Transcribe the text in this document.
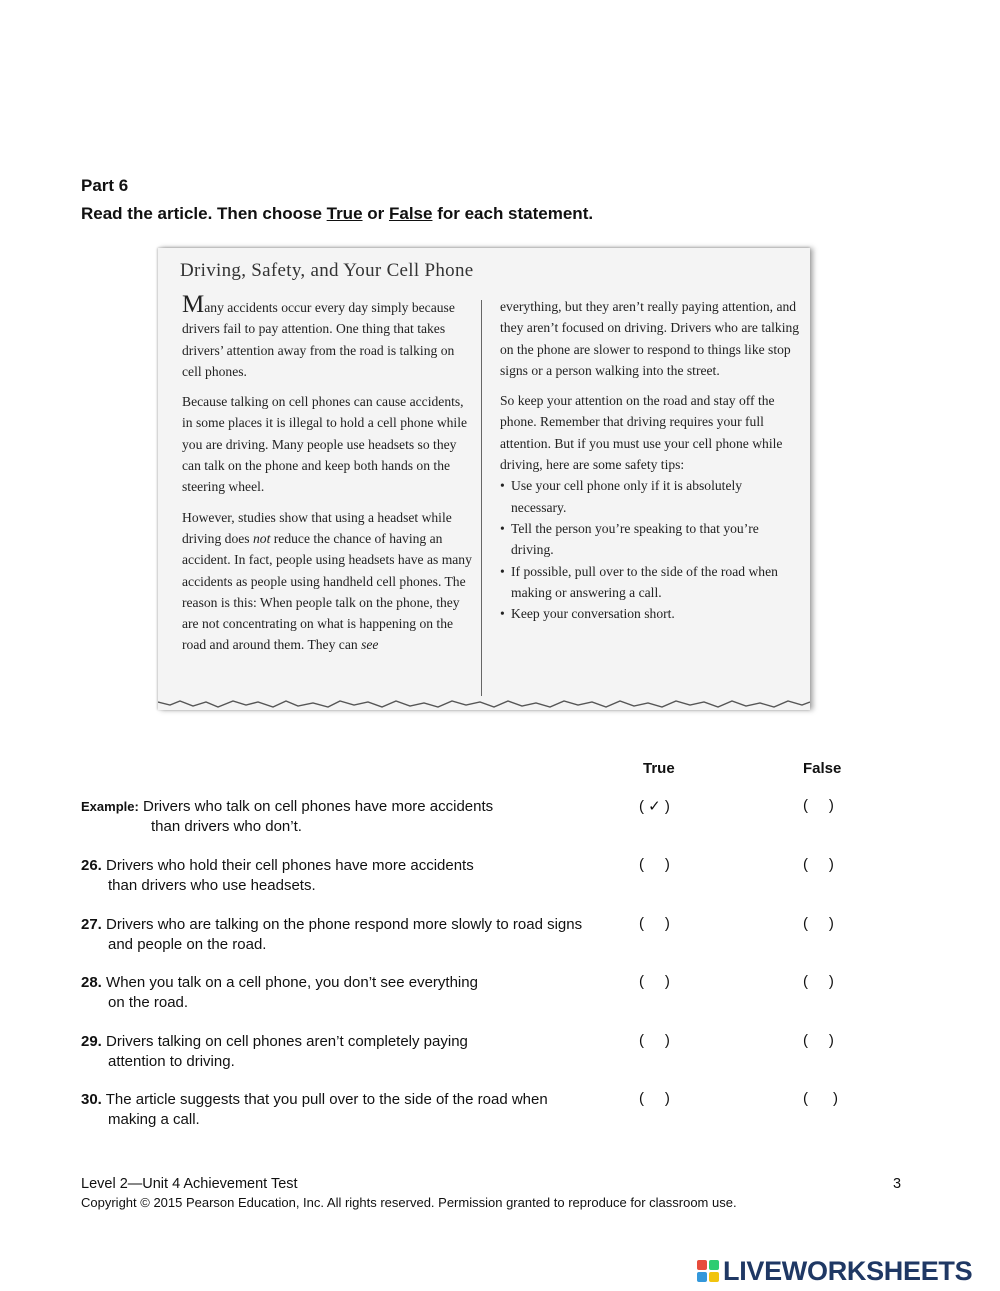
Part 6
Read the article. Then choose True or False for each statement.
Driving, Safety, and Your Cell Phone

Many accidents occur every day simply because drivers fail to pay attention. One thing that takes drivers’ attention away from the road is talking on cell phones.

Because talking on cell phones can cause accidents, in some places it is illegal to hold a cell phone while you are driving. Many people use headsets so they can talk on the phone and keep both hands on the steering wheel.

However, studies show that using a headset while driving does not reduce the chance of having an accident. In fact, people using headsets have as many accidents as people using handheld cell phones. The reason is this: When people talk on the phone, they are not concentrating on what is happening on the road and around them. They can see

everything, but they aren’t really paying attention, and they aren’t focused on driving. Drivers who are talking on the phone are slower to respond to things like stop signs or a person walking into the street.

So keep your attention on the road and stay off the phone. Remember that driving requires your full attention. But if you must use your cell phone while driving, here are some safety tips:

• Use your cell phone only if it is absolutely necessary.
• Tell the person you’re speaking to that you’re driving.
• If possible, pull over to the side of the road when making or answering a call.
• Keep your conversation short.
True	False
Example: Drivers who talk on cell phones have more accidents
than drivers who don’t.
( ✓ )	(     )
26. Drivers who hold their cell phones have more accidents
than drivers who use headsets.
(     )	(     )
27. Drivers who are talking on the phone respond more slowly to road signs
and people on the road.
(     )	(     )
28. When you talk on a cell phone, you don’t see everything
on the road.
(     )	(     )
29. Drivers talking on cell phones aren’t completely paying
attention to driving.
(     )	(     )
30. The article suggests that you pull over to the side of the road when
making a call.
(     )	(      )
Level 2—Unit 4 Achievement Test	3
Copyright © 2015 Pearson Education, Inc. All rights reserved. Permission granted to reproduce for classroom use.
LIVEWORKSHEETS
